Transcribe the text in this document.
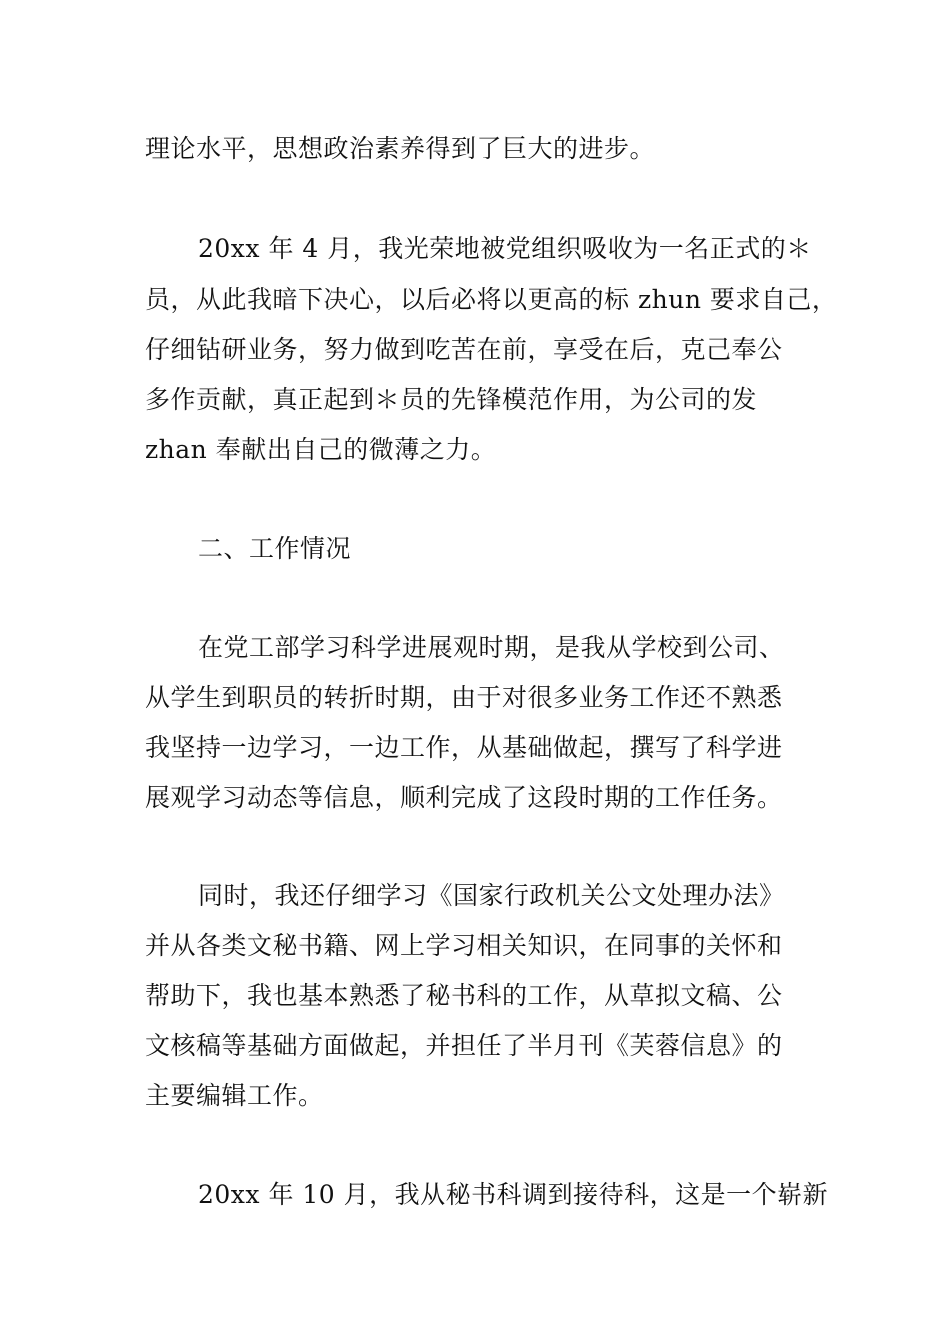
理论水平，思想政治素养得到了巨大的进步。
20xx 年 4 月，我光荣地被党组织吸收为一名正式的＊
员，从此我暗下决心，以后必将以更高的标 zhun 要求自己，
仔细钻研业务，努力做到吃苦在前，享受在后，克己奉公
多作贡献，真正起到＊员的先锋模范作用，为公司的发
zhan 奉献出自己的微薄之力。
二、工作情况
在党工部学习科学进展观时期，是我从学校到公司、
从学生到职员的转折时期，由于对很多业务工作还不熟悉
我坚持一边学习，一边工作，从基础做起，撰写了科学进
展观学习动态等信息，顺利完成了这段时期的工作任务。
同时，我还仔细学习《国家行政机关公文处理办法》
并从各类文秘书籍、网上学习相关知识，在同事的关怀和
帮助下，我也基本熟悉了秘书科的工作，从草拟文稿、公
文核稿等基础方面做起，并担任了半月刊《芙蓉信息》的
主要编辑工作。
20xx 年 10 月，我从秘书科调到接待科，这是一个崭新
